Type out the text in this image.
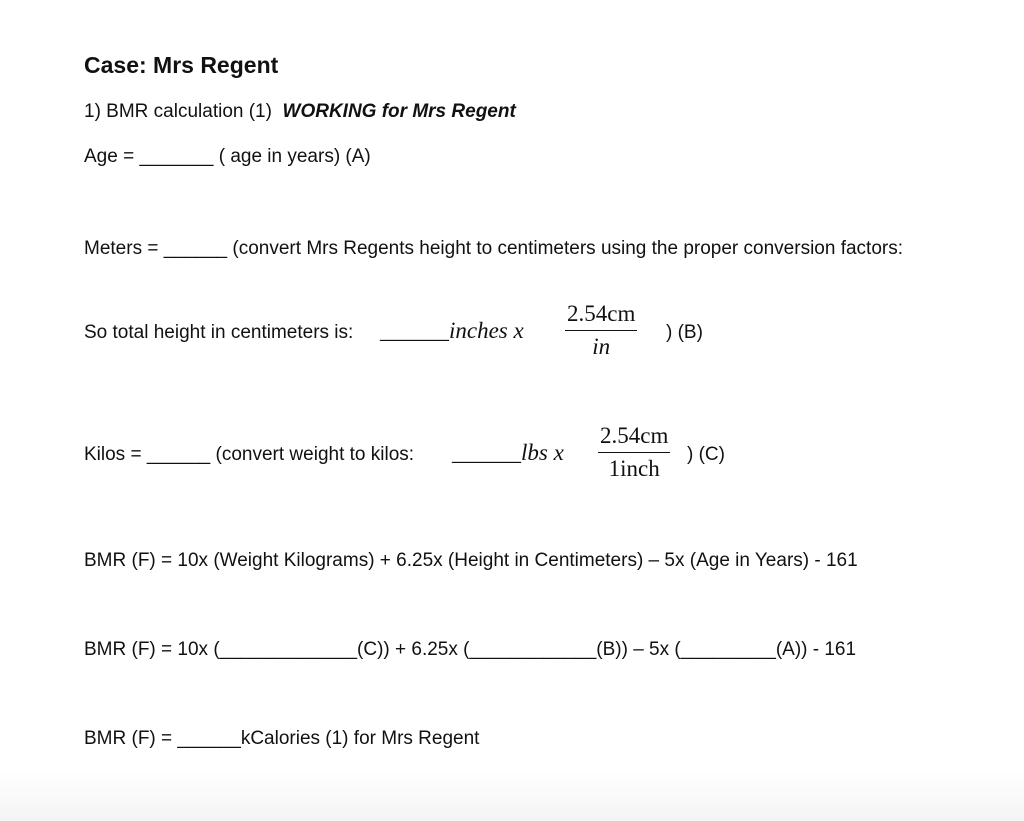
Case: Mrs Regent
1) BMR calculation (1) WORKING for Mrs Regent
Age = _______ ( age in years) (A)
Meters = ______ (convert Mrs Regents height to centimeters using the proper conversion factors:
So total height in centimeters is: ______inches x $\frac{2.54cm}{in}$ ) (B)
Kilos = ______ (convert weight to kilos: ______lbs x
2.54cm
1inch
) (C)
BMR (F) = 10x (Weight Kilograms) + 6.25x (Height in Centimeters) – 5x (Age in Years) - 161
BMR (F) = 10x (_____________(C)) + 6.25x (____________(B)) – 5x (_________(A)) - 161
BMR (F) = ______kCalories (1) for Mrs Regent
